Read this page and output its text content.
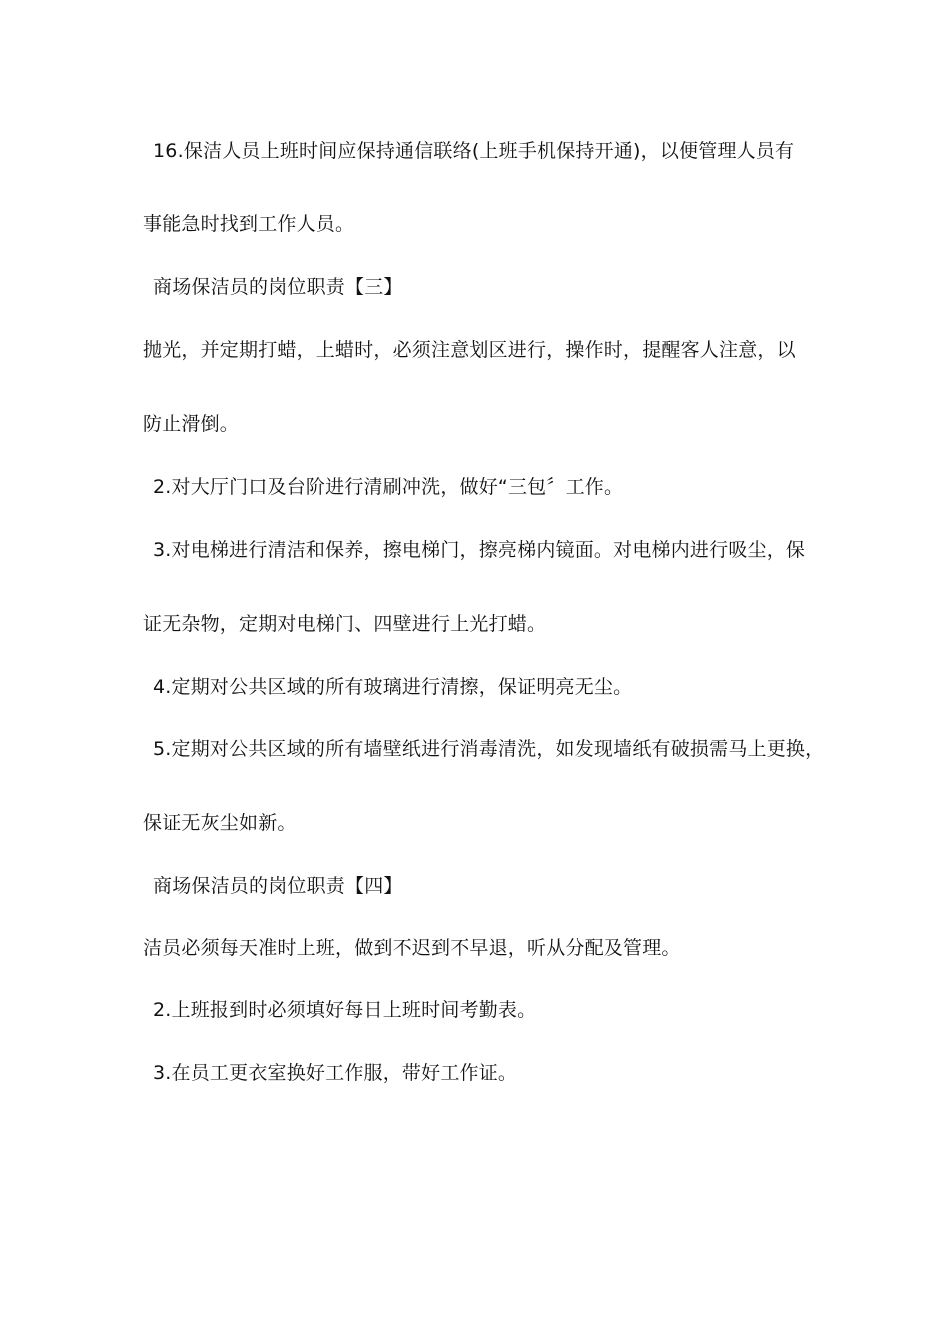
16.保洁人员上班时间应保持通信联络(上班手机保持开通)，以便管理人员有
事能急时找到工作人员。
商场保洁员的岗位职责【三】
抛光，并定期打蜡，上蜡时，必须注意划区进行，操作时，提醒客人注意，以
防止滑倒。
2.对大厅门口及台阶进行清刷冲洗，做好“三包〞工作。
3.对电梯进行清洁和保养，擦电梯门，擦亮梯内镜面。对电梯内进行吸尘，保
证无杂物，定期对电梯门、四壁进行上光打蜡。
4.定期对公共区域的所有玻璃进行清擦，保证明亮无尘。
5.定期对公共区域的所有墙壁纸进行消毒清洗，如发现墙纸有破损需马上更换，
保证无灰尘如新。
商场保洁员的岗位职责【四】
洁员必须每天准时上班，做到不迟到不早退，听从分配及管理。
2.上班报到时必须填好每日上班时间考勤表。
3.在员工更衣室换好工作服，带好工作证。
